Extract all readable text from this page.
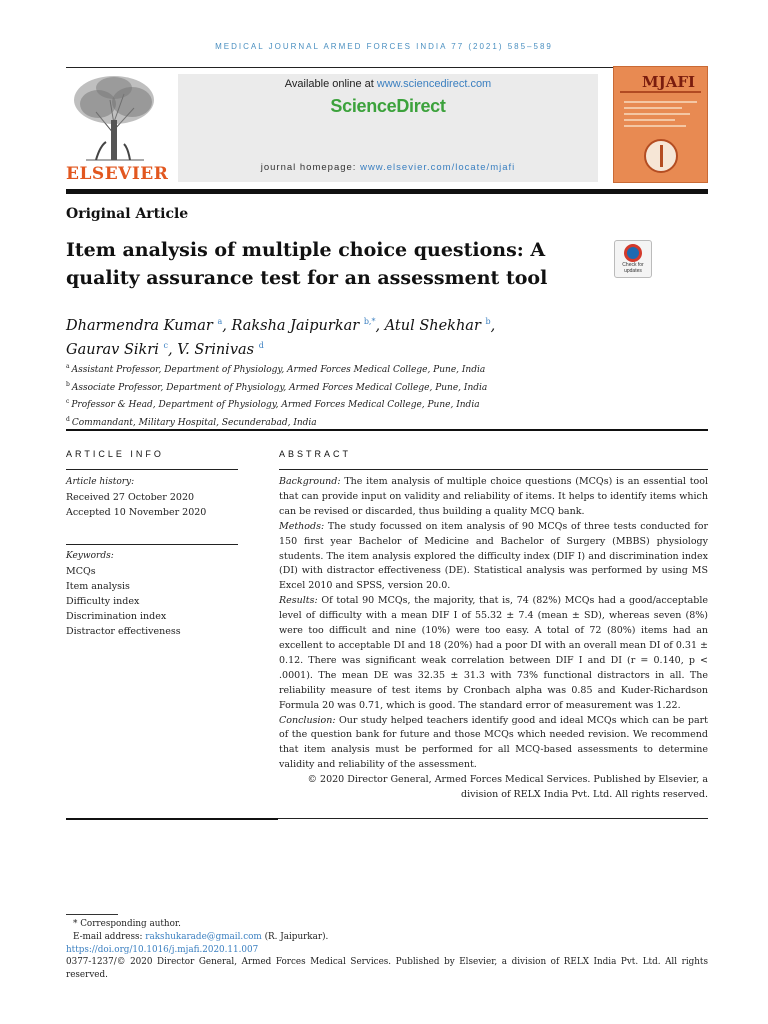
MEDICAL JOURNAL ARMED FORCES INDIA 77 (2021) 585–589
ELSEVIER
Available online at www.sciencedirect.com
ScienceDirect
journal homepage: www.elsevier.com/locate/mjafi
MJAFI
Original Article
Item analysis of multiple choice questions: A quality assurance test for an assessment tool
Check for
updates
Dharmendra Kumar $^a$, Raksha Jaipurkar $^{b,*}$, Atul Shekhar $^b$,
Gaurav Sikri $^c$, V. Srinivas $^d$
$^a$ Assistant Professor, Department of Physiology, Armed Forces Medical College, Pune, India
$^b$ Associate Professor, Department of Physiology, Armed Forces Medical College, Pune, India
$^c$ Professor & Head, Department of Physiology, Armed Forces Medical College, Pune, India
$^d$ Commandant, Military Hospital, Secunderabad, India
ARTICLE INFO	ABSTRACT
Article history:
Received 27 October 2020
Accepted 10 November 2020
Keywords:
MCQs
Item analysis
Difficulty index
Discrimination index
Distractor effectiveness

Background: The item analysis of multiple choice questions (MCQs) is an essential tool that can provide input on validity and reliability of items. It helps to identify items which can be revised or discarded, thus building a quality MCQ bank.

Methods: The study focussed on item analysis of 90 MCQs of three tests conducted for 150 first year Bachelor of Medicine and Bachelor of Surgery (MBBS) physiology students. The item analysis explored the difficulty index (DIF I) and discrimination index (DI) with distractor effectiveness (DE). Statistical analysis was performed by using MS Excel 2010 and SPSS, version 20.0.

Results: Of total 90 MCQs, the majority, that is, 74 (82%) MCQs had a good/acceptable level of difficulty with a mean DIF I of 55.32 ± 7.4 (mean ± SD), whereas seven (8%) were too difficult and nine (10%) were too easy. A total of 72 (80%) items had an excellent to acceptable DI and 18 (20%) had a poor DI with an overall mean DI of 0.31 ± 0.12. There was significant weak correlation between DIF I and DI (r = 0.140, p < .0001). The mean DE was 32.35 ± 31.3 with 73% functional distractors in all. The reliability measure of test items by Cronbach alpha was 0.85 and Kuder-Richardson Formula 20 was 0.71, which is good. The standard error of measurement was 1.22.

Conclusion: Our study helped teachers identify good and ideal MCQs which can be part of the question bank for future and those MCQs which needed revision. We recommend that item analysis must be performed for all MCQ-based assessments to determine validity and reliability of the assessment.

© 2020 Director General, Armed Forces Medical Services. Published by Elsevier, a division of RELX India Pvt. Ltd. All rights reserved.

* Corresponding author.
E-mail address: rakshukarade@gmail.com (R. Jaipurkar).
https://doi.org/10.1016/j.mjafi.2020.11.007
0377-1237/© 2020 Director General, Armed Forces Medical Services. Published by Elsevier, a division of RELX India Pvt. Ltd. All rights reserved.
